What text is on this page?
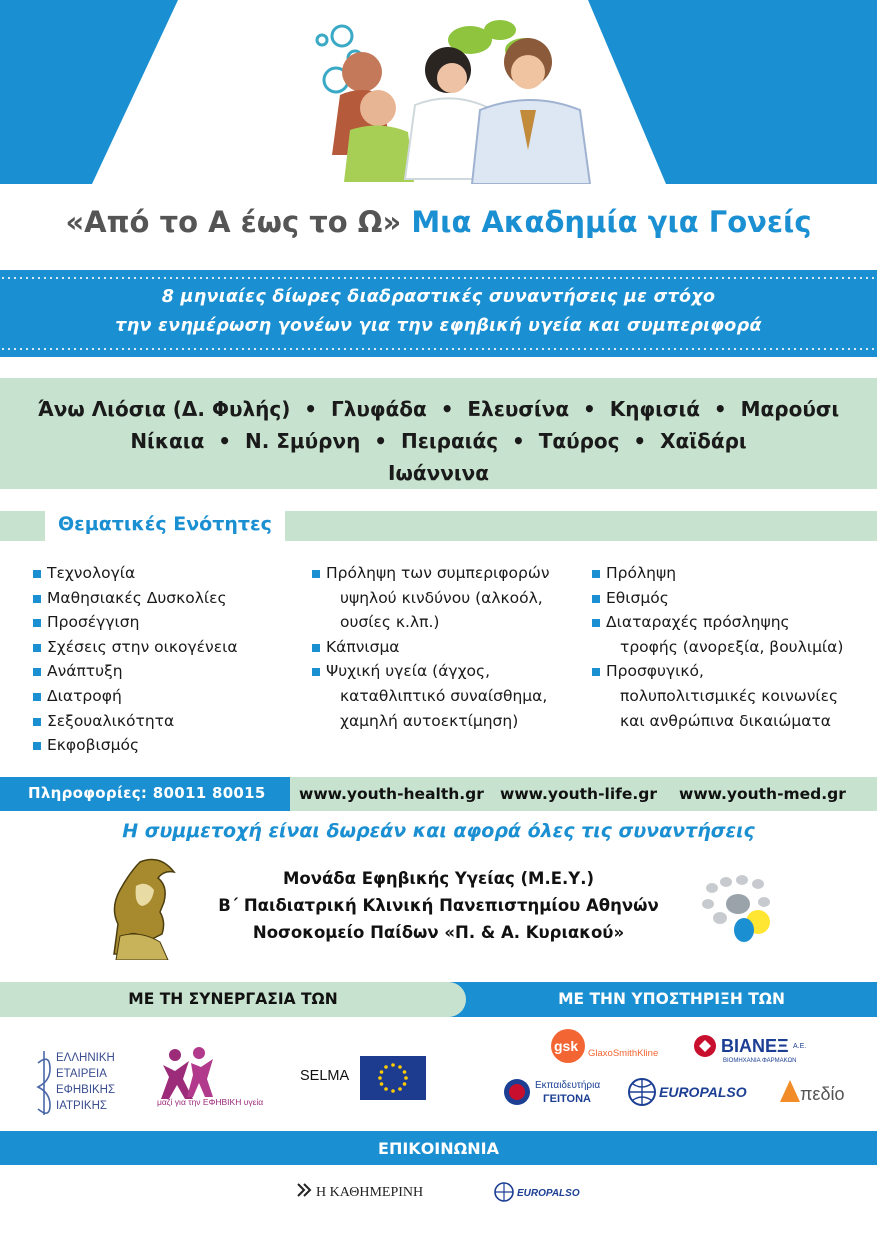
«Από το Α έως το Ω» Μια Ακαδημία για Γονείς
8 μηνιαίες δίωρες διαδραστικές συναντήσεις με στόχο
την ενημέρωση γονέων για την εφηβική υγεία και συμπεριφορά
Άνω Λιόσια (Δ. Φυλής)  •  Γλυφάδα  •  Ελευσίνα  •  Κηφισιά  •  Μαρούσι
Νίκαια  •  Ν. Σμύρνη  •  Πειραιάς  •  Ταύρος  •  Χαϊδάρι
Ιωάννινα
Θεματικές Ενότητες
Τεχνολογία
Μαθησιακές Δυσκολίες
Προσέγγιση
Σχέσεις στην οικογένεια
Ανάπτυξη
Διατροφή
Σεξουαλικότητα
Εκφοβισμός
Πρόληψη των συμπεριφορών
υψηλού κινδύνου (αλκοόλ,
ουσίες κ.λπ.)
Κάπνισμα
Ψυχική υγεία (άγχος,
καταθλιπτικό συναίσθημα,
χαμηλή αυτοεκτίμηση)
Πρόληψη
Εθισμός
Διαταραχές πρόσληψης
τροφής (ανορεξία, βουλιμία)
Προσφυγικό,
πολυπολιτισμικές κοινωνίες
και ανθρώπινα δικαιώματα
Πληροφορίες: 80011 80015 www.youth-health.gr www.youth-life.gr www.youth-med.gr
Η συμμετοχή είναι δωρεάν και αφορά όλες τις συναντήσεις
Μονάδα Εφηβικής Υγείας (Μ.Ε.Υ.)
Β΄ Παιδιατρική Κλινική Πανεπιστημίου Αθηνών
Νοσοκομείο Παίδων «Π. & Α. Κυριακού»
ΜΕ ΤΗ ΣΥΝΕΡΓΑΣΙΑ ΤΩΝ	ΜΕ ΤΗΝ ΥΠΟΣΤΗΡΙΞΗ ΤΩΝ
ΕΛΛΗΝΙΚΗ
ΕΤΑΙΡΕΙΑ
ΕΦΗΒΙΚΗΣ
ΙΑΤΡΙΚΗΣ	μαζί για την ΕΦΗΒΙΚΗ υγεία
SELMA
gsk GlaxoSmithKline	ΒΙΑΝΕΞ Α.Ε.
ΒΙΟΜΗΧΑΝΙΑ ΦΑΡΜΑΚΩΝ
Εκπαιδευτήρια
ΓΕΙΤΟΝΑ	EUROPALSO	πεδίο
ΕΠΙΚΟΙΝΩΝΙΑ
Η ΚΑΘΗΜΕΡΙΝΗ	EUROPALSO
